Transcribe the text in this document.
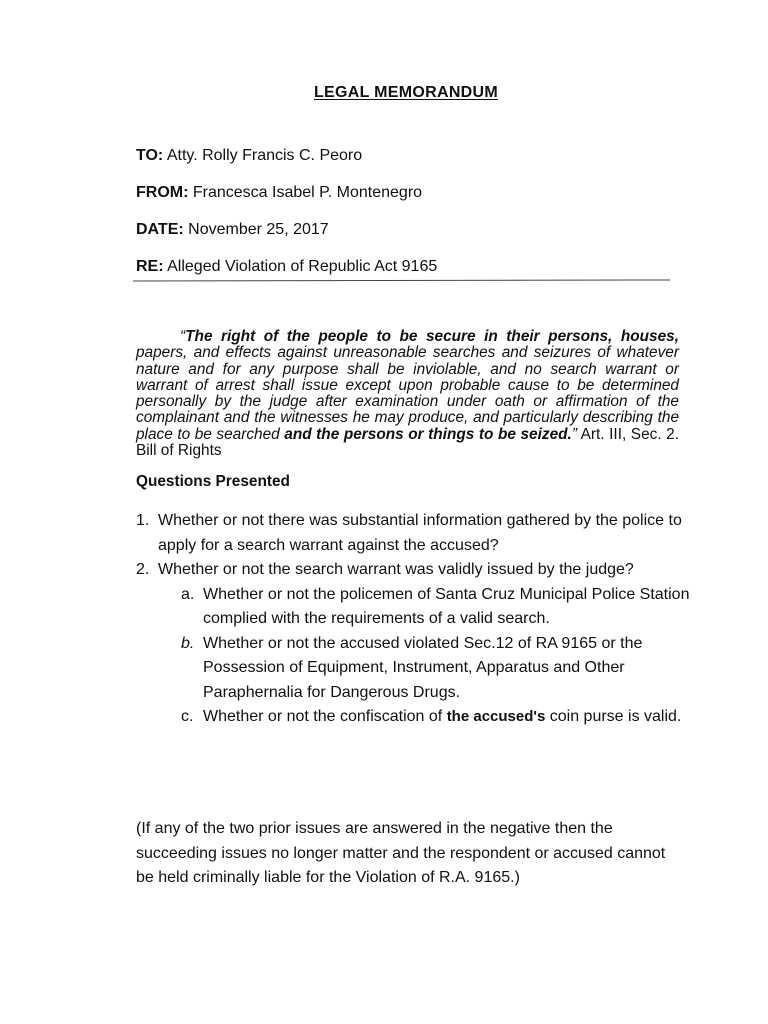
LEGAL MEMORANDUM
TO: Atty. Rolly Francis C. Peoro
FROM: Francesca Isabel P. Montenegro
DATE: November 25, 2017
RE: Alleged Violation of Republic Act 9165
“The right of the people to be secure in their persons, houses, papers, and effects against unreasonable searches and seizures of whatever nature and for any purpose shall be inviolable, and no search warrant or warrant of arrest shall issue except upon probable cause to be determined personally by the judge after examination under oath or affirmation of the complainant and the witnesses he may produce, and particularly describing the place to be searched and the persons or things to be seized.” Art. III, Sec. 2. Bill of Rights
Questions Presented
1. Whether or not there was substantial information gathered by the police to apply for a search warrant against the accused?
2. Whether or not the search warrant was validly issued by the judge?
a. Whether or not the policemen of Santa Cruz Municipal Police Station complied with the requirements of a valid search.
b. Whether or not the accused violated Sec.12 of RA 9165 or the Possession of Equipment, Instrument, Apparatus and Other Paraphernalia for Dangerous Drugs.
c. Whether or not the confiscation of the accused's coin purse is valid.
(If any of the two prior issues are answered in the negative then the succeeding issues no longer matter and the respondent or accused cannot be held criminally liable for the Violation of R.A. 9165.)
